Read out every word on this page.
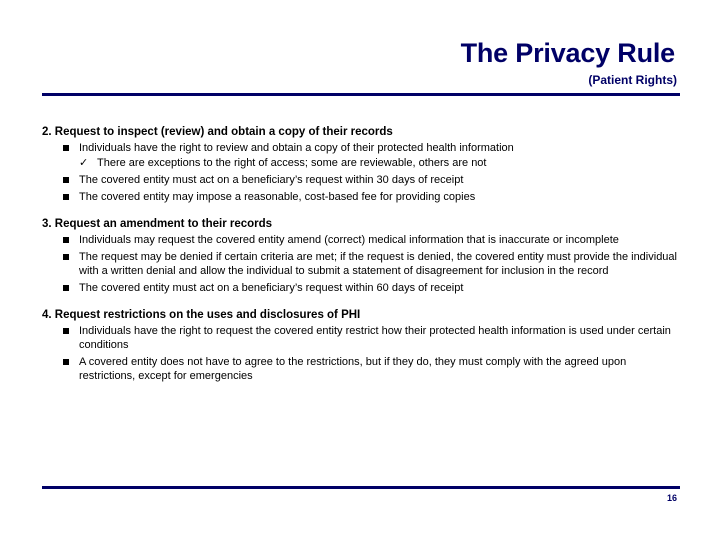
The Privacy Rule
(Patient Rights)
2. Request to inspect (review) and obtain a copy of their records
Individuals have the right to review and obtain a copy of their protected health information
✓ There are exceptions to the right of access; some are reviewable, others are not
The covered entity must act on a beneficiary’s request within 30 days of receipt
The covered entity may impose a reasonable, cost-based fee for providing copies
3. Request an amendment to their records
Individuals may request the covered entity amend (correct) medical information that is inaccurate or incomplete
The request may be denied if certain criteria are met; if the request is denied, the covered entity must provide the individual with a written denial and allow the individual to submit a statement of disagreement for inclusion in the record
The covered entity must act on a beneficiary’s request within 60 days of receipt
4. Request restrictions on the uses and disclosures of PHI
Individuals have the right to request the covered entity restrict how their protected health information is used under certain conditions
A covered entity does not have to agree to the restrictions, but if they do, they must comply with the agreed upon restrictions, except for emergencies
16
